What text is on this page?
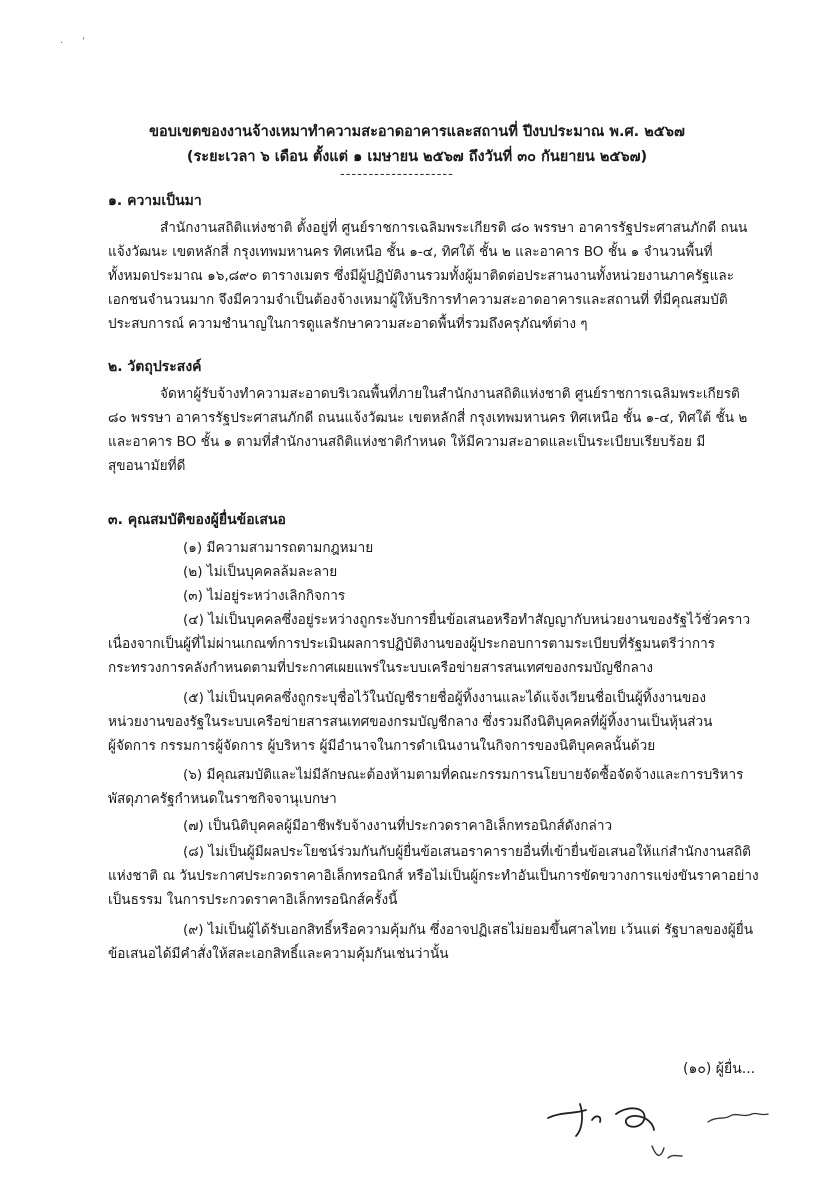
· '
ขอบเขตของงานจ้างเหมาทำความสะอาดอาคารและสถานที่ ปีงบประมาณ พ.ศ. ๒๕๖๗
(ระยะเวลา ๖ เดือน ตั้งแต่ ๑ เมษายน ๒๕๖๗ ถึงวันที่ ๓๐ กันยายน ๒๕๖๗)
--------------------
๑. ความเป็นมา
สำนักงานสถิติแห่งชาติ ตั้งอยู่ที่ ศูนย์ราชการเฉลิมพระเกียรติ ๘๐ พรรษา อาคารรัฐประศาสนภักดี ถนน
แจ้งวัฒนะ เขตหลักสี่ กรุงเทพมหานคร ทิศเหนือ ชั้น ๑-๔, ทิศใต้ ชั้น ๒ และอาคาร BO ชั้น ๑ จำนวนพื้นที่
ทั้งหมดประมาณ ๑๖,๘๙๐ ตารางเมตร ซึ่งมีผู้ปฏิบัติงานรวมทั้งผู้มาติดต่อประสานงานทั้งหน่วยงานภาครัฐและ
เอกชนจำนวนมาก จึงมีความจำเป็นต้องจ้างเหมาผู้ให้บริการทำความสะอาดอาคารและสถานที่ ที่มีคุณสมบัติ
ประสบการณ์ ความชำนาญในการดูแลรักษาความสะอาดพื้นที่รวมถึงครุภัณฑ์ต่าง ๆ
๒. วัตถุประสงค์
จัดหาผู้รับจ้างทำความสะอาดบริเวณพื้นที่ภายในสำนักงานสถิติแห่งชาติ ศูนย์ราชการเฉลิมพระเกียรติ
๘๐ พรรษา อาคารรัฐประศาสนภักดี ถนนแจ้งวัฒนะ เขตหลักสี่ กรุงเทพมหานคร ทิศเหนือ ชั้น ๑-๔, ทิศใต้ ชั้น ๒
และอาคาร BO ชั้น ๑ ตามที่สำนักงานสถิติแห่งชาติกำหนด ให้มีความสะอาดและเป็นระเบียบเรียบร้อย มี
สุขอนามัยที่ดี
๓. คุณสมบัติของผู้ยื่นข้อเสนอ
(๑) มีความสามารถตามกฎหมาย
(๒) ไม่เป็นบุคคลล้มละลาย
(๓) ไม่อยู่ระหว่างเลิกกิจการ
(๔) ไม่เป็นบุคคลซึ่งอยู่ระหว่างถูกระงับการยื่นข้อเสนอหรือทำสัญญากับหน่วยงานของรัฐไว้ชั่วคราว
เนื่องจากเป็นผู้ที่ไม่ผ่านเกณฑ์การประเมินผลการปฏิบัติงานของผู้ประกอบการตามระเบียบที่รัฐมนตรีว่าการ
กระทรวงการคลังกำหนดตามที่ประกาศเผยแพร่ในระบบเครือข่ายสารสนเทศของกรมบัญชีกลาง
(๕) ไม่เป็นบุคคลซึ่งถูกระบุชื่อไว้ในบัญชีรายชื่อผู้ทิ้งงานและได้แจ้งเวียนชื่อเป็นผู้ทิ้งงานของ
หน่วยงานของรัฐในระบบเครือข่ายสารสนเทศของกรมบัญชีกลาง ซึ่งรวมถึงนิติบุคคลที่ผู้ทิ้งงานเป็นหุ้นส่วน
ผู้จัดการ กรรมการผู้จัดการ ผู้บริหาร ผู้มีอำนาจในการดำเนินงานในกิจการของนิติบุคคลนั้นด้วย
(๖) มีคุณสมบัติและไม่มีลักษณะต้องห้ามตามที่คณะกรรมการนโยบายจัดซื้อจัดจ้างและการบริหาร
พัสดุภาครัฐกำหนดในราชกิจจานุเบกษา
(๗) เป็นนิติบุคคลผู้มีอาชีพรับจ้างงานที่ประกวดราคาอิเล็กทรอนิกส์ดังกล่าว
(๘) ไม่เป็นผู้มีผลประโยชน์ร่วมกันกับผู้ยื่นข้อเสนอราคารายอื่นที่เข้ายื่นข้อเสนอให้แก่สำนักงานสถิติ
แห่งชาติ ณ วันประกาศประกวดราคาอิเล็กทรอนิกส์ หรือไม่เป็นผู้กระทำอันเป็นการขัดขวางการแข่งขันราคาอย่าง
เป็นธรรม ในการประกวดราคาอิเล็กทรอนิกส์ครั้งนี้
(๙) ไม่เป็นผู้ได้รับเอกสิทธิ์หรือความคุ้มกัน ซึ่งอาจปฏิเสธไม่ยอมขึ้นศาลไทย เว้นแต่ รัฐบาลของผู้ยื่น
ข้อเสนอได้มีคำสั่งให้สละเอกสิทธิ์และความคุ้มกันเช่นว่านั้น
(๑๐) ผู้ยื่น...
